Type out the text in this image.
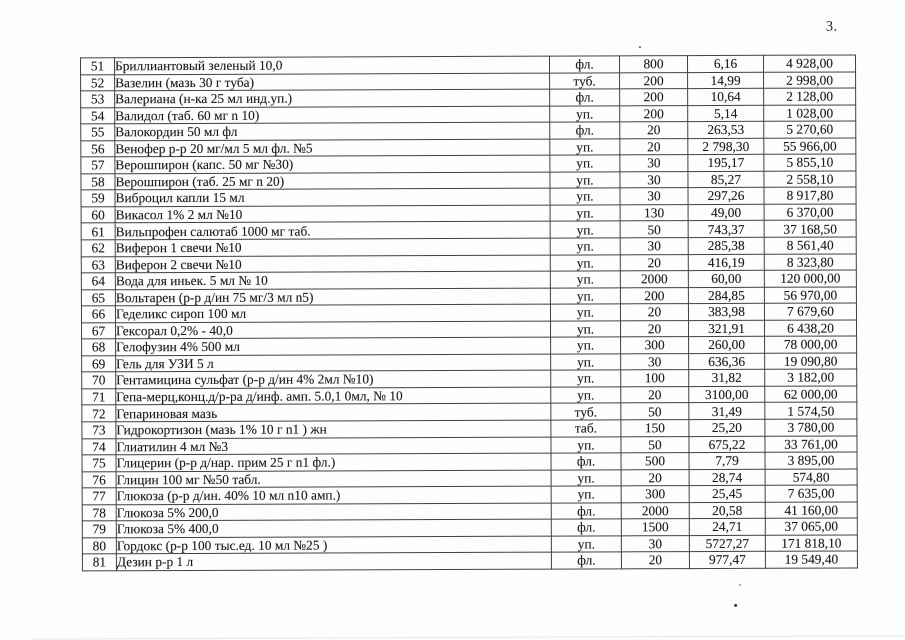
3.
51	Бриллиантовый зеленый 10,0	фл.	800	6,16	4 928,00
52	Вазелин (мазь 30 г туба)	туб.	200	14,99	2 998,00
53	Валериана (н-ка 25 мл инд.уп.)	фл.	200	10,64	2 128,00
54	Валидол (таб. 60 мг n 10)	уп.	200	5,14	1 028,00
55	Валокордин 50 мл фл	фл.	20	263,53	5 270,60
56	Венофер р-р 20 мг/мл 5 мл фл. №5	уп.	20	2 798,30	55 966,00
57	Верошпирон (капс. 50 мг №30)	уп.	30	195,17	5 855,10
58	Верошпирон (таб. 25 мг n 20)	уп.	30	85,27	2 558,10
59	Виброцил капли 15 мл	уп.	30	297,26	8 917,80
60	Викасол 1% 2 мл №10	уп.	130	49,00	6 370,00
61	Вильпрофен салютаб 1000 мг таб.	уп.	50	743,37	37 168,50
62	Виферон 1 свечи №10	уп.	30	285,38	8 561,40
63	Виферон 2 свечи №10	уп.	20	416,19	8 323,80
64	Вода для иньек. 5 мл № 10	уп.	2000	60,00	120 000,00
65	Вольтарен (р-р д/ин 75 мг/3 мл n5)	уп.	200	284,85	56 970,00
66	Геделикс сироп 100 мл	уп.	20	383,98	7 679,60
67	Гексорал 0,2% - 40,0	уп.	20	321,91	6 438,20
68	Гелофузин 4% 500 мл	уп.	300	260,00	78 000,00
69	Гель для УЗИ 5 л	уп.	30	636,36	19 090,80
70	Гентамицина сульфат (р-р д/ин 4% 2мл №10)	уп.	100	31,82	3 182,00
71	Гепа-мерц,конц.д/р-ра д/инф. амп. 5.0,1 0мл, № 10	уп.	20	3100,00	62 000,00
72	Гепариновая мазь	туб.	50	31,49	1 574,50
73	Гидрокортизон (мазь 1% 10 г n1 ) жн	таб.	150	25,20	3 780,00
74	Глиатилин 4 мл №3	уп.	50	675,22	33 761,00
75	Глицерин (р-р д/нар. прим 25 г n1 фл.)	фл.	500	7,79	3 895,00
76	Глицин 100 мг №50 табл.	уп.	20	28,74	574,80
77	Глюкоза (р-р д/ин. 40% 10 мл n10 амп.)	уп.	300	25,45	7 635,00
78	Глюкоза 5% 200,0	фл.	2000	20,58	41 160,00
79	Глюкоза 5% 400,0	фл.	1500	24,71	37 065,00
80	Гордокс (р-р 100 тыс.ед. 10 мл №25 )	уп.	30	5727,27	171 818,10
81	Дезин р-р 1 л	фл.	20	977,47	19 549,40
